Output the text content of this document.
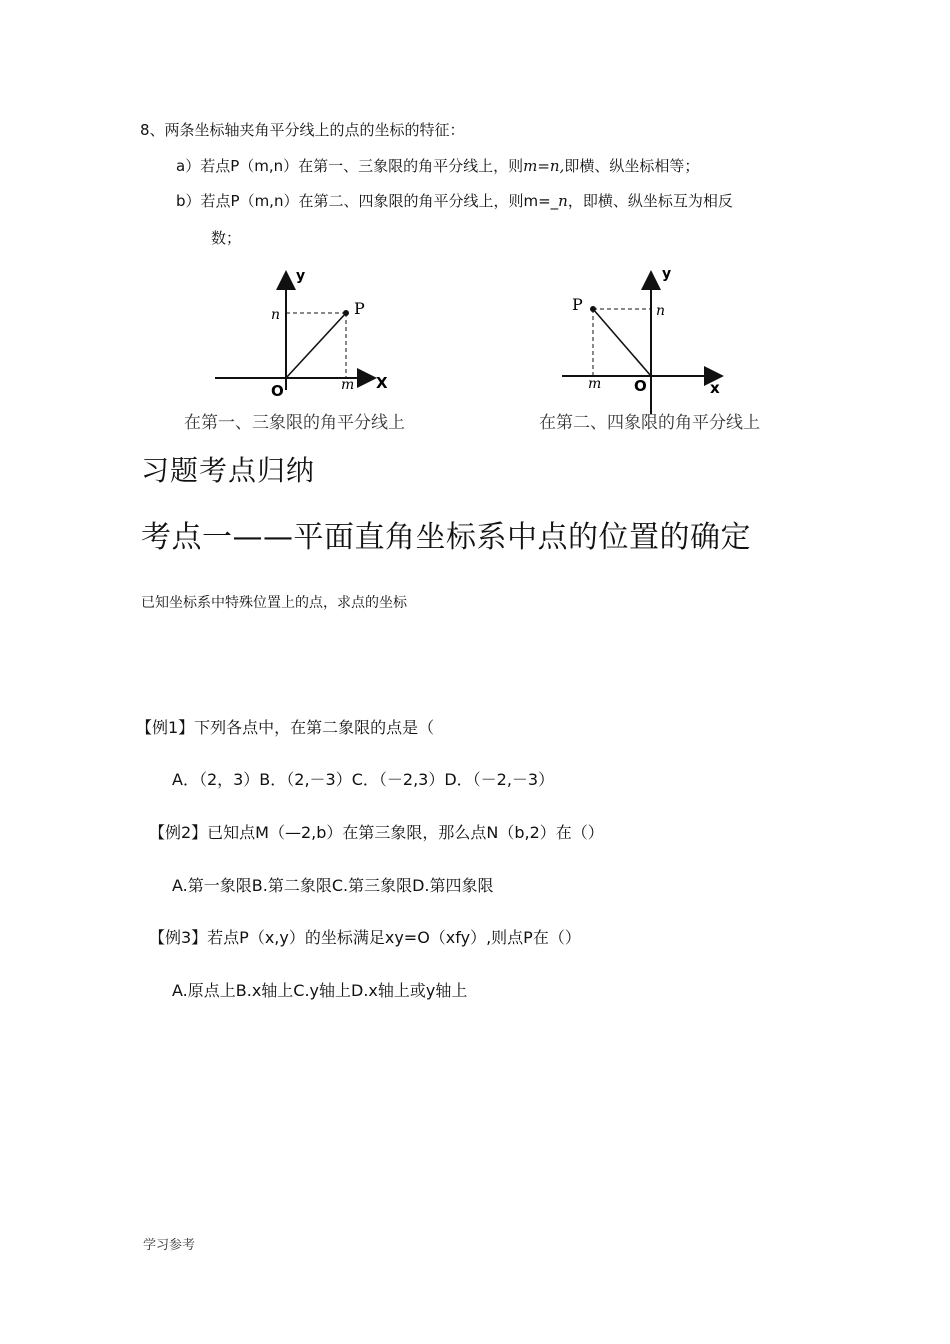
8、两条坐标轴夹角平分线上的点的坐标的特征：
a）若点P（m,n）在第一、三象限的角平分线上，则m=n,即横、纵坐标相等；
b）若点P（m,n）在第二、四象限的角平分线上，则m=_n，即横、纵坐标互为相反
数；
y
X
O
P
n
m
在第一、三象限的角平分线上
y
x
O
P	n
m
在第二、四象限的角平分线上
习题考点归纳
考点一——平面直角坐标系中点的位置的确定
已知坐标系中特殊位置上的点，求点的坐标
【例1】下列各点中，在第二象限的点是（
A．（2，3）B．（2,－3）C．（－2,3）D．（－2,－3）
【例2】已知点M（—2,b）在第三象限，那么点N（b,2）在（）
A.第一象限B.第二象限C.第三象限D.第四象限
【例3】若点P（x,y）的坐标满足xy=O（xfy）,则点P在（）
A.原点上B.x轴上C.y轴上D.x轴上或y轴上
学习参考
